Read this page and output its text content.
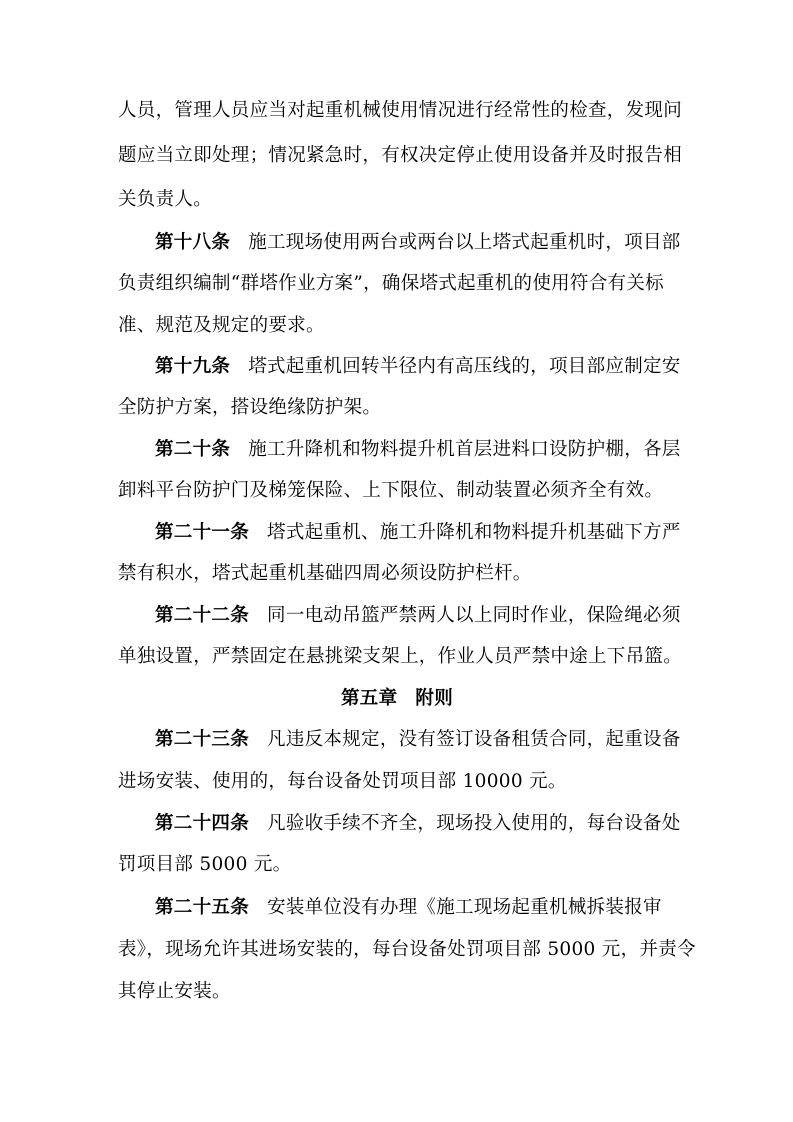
人员，管理人员应当对起重机械使用情况进行经常性的检查，发现问
题应当立即处理；情况紧急时，有权决定停止使用设备并及时报告相
关负责人。
第十八条 施工现场使用两台或两台以上塔式起重机时，项目部
负责组织编制“群塔作业方案”，确保塔式起重机的使用符合有关标
准、规范及规定的要求。
第十九条 塔式起重机回转半径内有高压线的，项目部应制定安
全防护方案，搭设绝缘防护架。
第二十条 施工升降机和物料提升机首层进料口设防护棚，各层
卸料平台防护门及梯笼保险、上下限位、制动装置必须齐全有效。
第二十一条 塔式起重机、施工升降机和物料提升机基础下方严
禁有积水，塔式起重机基础四周必须设防护栏杆。
第二十二条 同一电动吊篮严禁两人以上同时作业，保险绳必须
单独设置，严禁固定在悬挑梁支架上，作业人员严禁中途上下吊篮。
第五章 附则
第二十三条 凡违反本规定，没有签订设备租赁合同，起重设备
进场安装、使用的，每台设备处罚项目部 10000 元。
第二十四条 凡验收手续不齐全，现场投入使用的，每台设备处
罚项目部 5000 元。
第二十五条 安装单位没有办理《施工现场起重机械拆装报审
表》，现场允许其进场安装的，每台设备处罚项目部 5000 元，并责令
其停止安装。
